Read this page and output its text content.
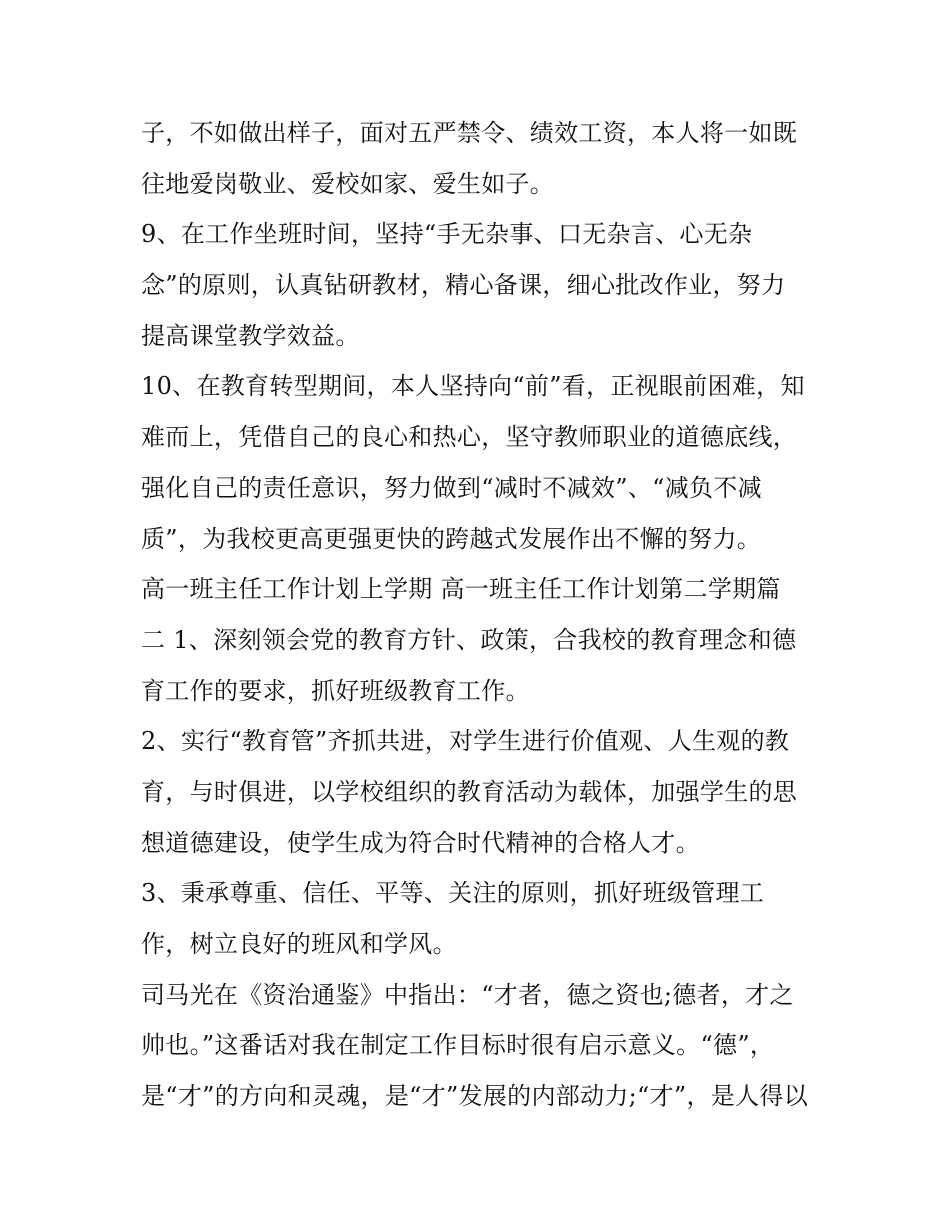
子，不如做出样子，面对五严禁令、绩效工资，本人将一如既
往地爱岗敬业、爱校如家、爱生如子。
9、在工作坐班时间，坚持“手无杂事、口无杂言、心无杂
念”的原则，认真钻研教材，精心备课，细心批改作业，努力
提高课堂教学效益。
10、在教育转型期间，本人坚持向“前”看，正视眼前困难，知
难而上，凭借自己的良心和热心，坚守教师职业的道德底线，
强化自己的责任意识，努力做到“减时不减效”、“减负不减
质”，为我校更高更强更快的跨越式发展作出不懈的努力。
高一班主任工作计划上学期 高一班主任工作计划第二学期篇
二 1、深刻领会党的教育方针、政策，合我校的教育理念和德
育工作的要求，抓好班级教育工作。
2、实行“教育管”齐抓共进，对学生进行价值观、人生观的教
育，与时俱进，以学校组织的教育活动为载体，加强学生的思
想道德建设，使学生成为符合时代精神的合格人才。
3、秉承尊重、信任、平等、关注的原则，抓好班级管理工
作，树立良好的班风和学风。
司马光在《资治通鉴》中指出：“才者，德之资也;德者，才之
帅也。”这番话对我在制定工作目标时很有启示意义。“德”，
是“才”的方向和灵魂，是“才”发展的内部动力;“才”，是人得以
